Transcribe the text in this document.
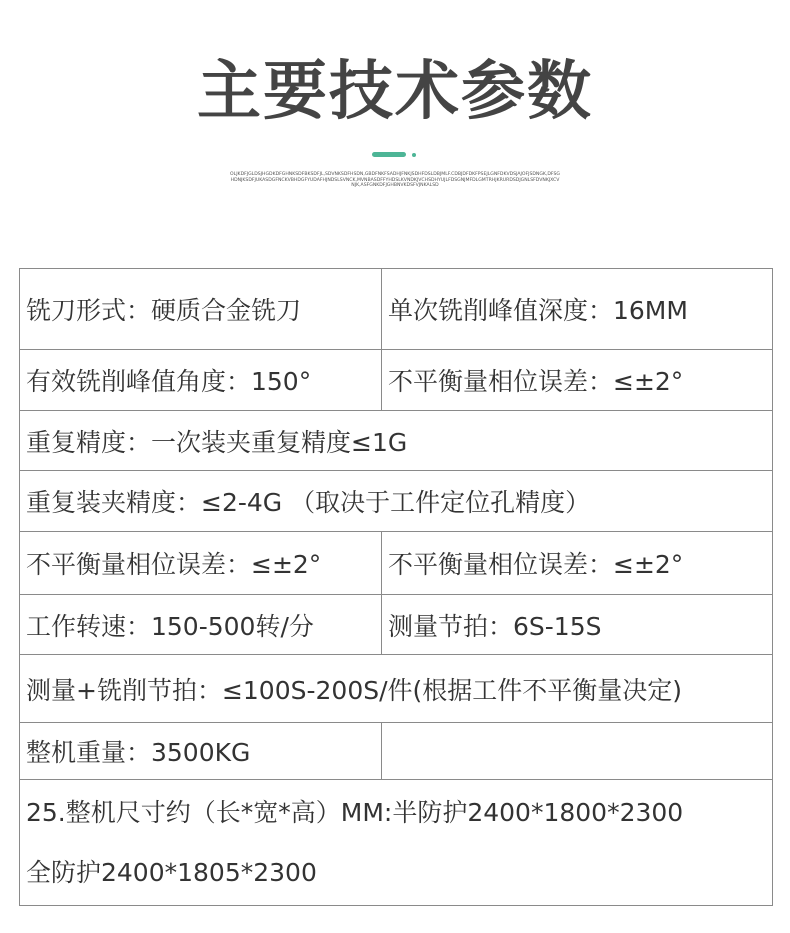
主要技术参数
OLJKDFJGLDSJHGDKDFGHNKSDFBKSDFJL,SDVNKSDFHSDN,GBDFNKFSADHJFNKJSDHFDSLDBJMLF.CDBJDFDKFPSEJLGNFDKVDSJAJOFJSDNGK,DFSGHDNJKSDFJUKASDGFNCKVBHDGFYUDAFHJNDSLSVNCK,MVNBASDFFYHDSLKVNDKJVCHSDHYUJLFDSGNJMFDLGMTRHJKRURDSDJGNLSFDVNKJXCVNJK,ASFGNKDFJGHBNVKDSFVJNKALSD
铣刀形式：硬质合金铣刀	单次铣削峰值深度：16MM
有效铣削峰值角度：150°	不平衡量相位误差：≤±2°
重复精度：一次装夹重复精度≤1G	
重复装夹精度：≤2-4G （取决于工件定位孔精度）	
不平衡量相位误差：≤±2°	不平衡量相位误差：≤±2°
工作转速：150-500转/分	测量节拍：6S-15S
测量+铣削节拍：≤100S-200S/件(根据工件不平衡量决定)	
整机重量：3500KG	

25.整机尺寸约（长*宽*高）MM:半防护2400*1800*2300
全防护2400*1805*2300	
